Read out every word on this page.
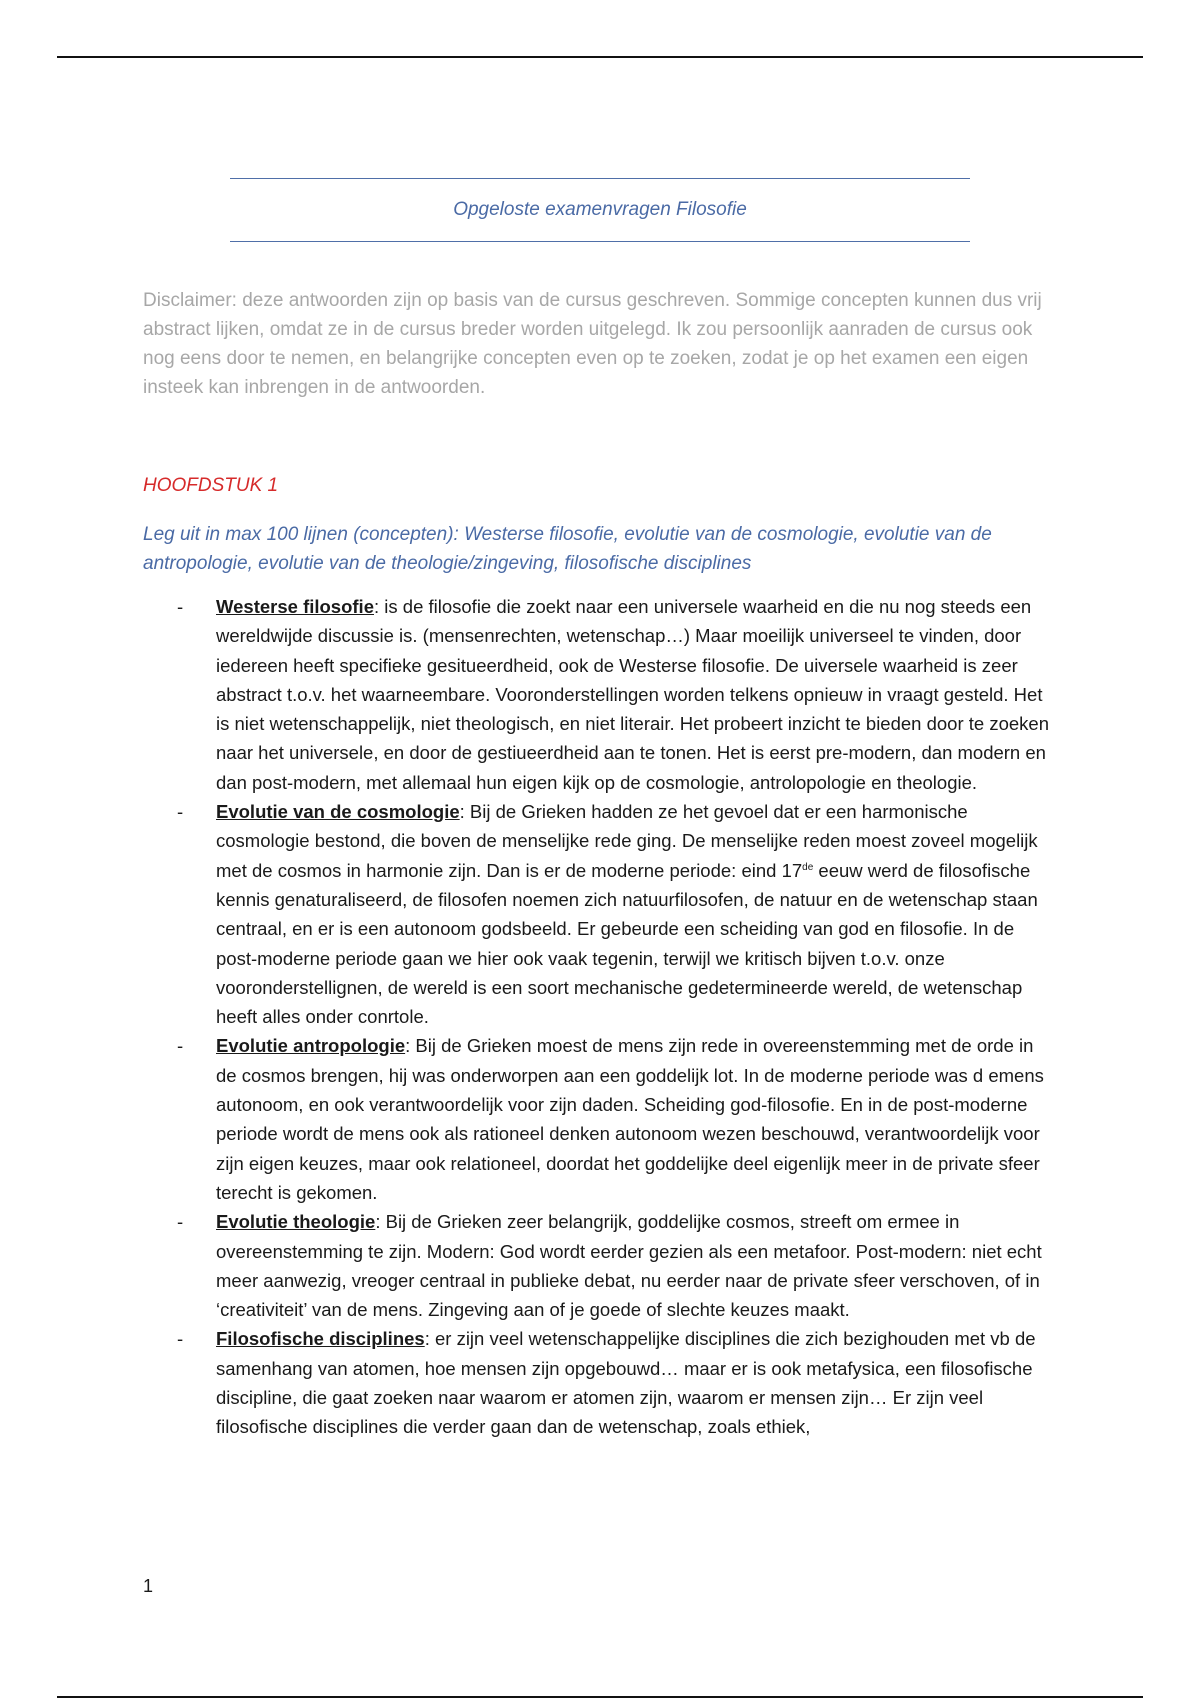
Opgeloste examenvragen Filosofie

Disclaimer: deze antwoorden zijn op basis van de cursus geschreven. Sommige concepten kunnen dus vrij abstract lijken, omdat ze in de cursus breder worden uitgelegd. Ik zou persoonlijk aanraden de cursus ook nog eens door te nemen, en belangrijke concepten even op te zoeken, zodat je op het examen een eigen insteek kan inbrengen in de antwoorden.

HOOFDSTUK 1

Leg uit in max 100 lijnen (concepten): Westerse filosofie, evolutie van de cosmologie, evolutie van de antropologie, evolutie van de theologie/zingeving, filosofische disciplines

- Westerse filosofie: is de filosofie die zoekt naar een universele waarheid en die nu nog steeds een wereldwijde discussie is. (mensenrechten, wetenschap…) Maar moeilijk universeel te vinden, door iedereen heeft specifieke gesitueerdheid, ook de Westerse filosofie. De uiversele waarheid is zeer abstract t.o.v. het waarneembare. Vooronderstellingen worden telkens opnieuw in vraagt gesteld. Het is niet wetenschappelijk, niet theologisch, en niet literair. Het probeert inzicht te bieden door te zoeken naar het universele, en door de gestiueerdheid aan te tonen. Het is eerst pre-modern, dan modern en dan post-modern, met allemaal hun eigen kijk op de cosmologie, antrolopologie en theologie.
- Evolutie van de cosmologie: Bij de Grieken hadden ze het gevoel dat er een harmonische cosmologie bestond, die boven de menselijke rede ging. De menselijke reden moest zoveel mogelijk met de cosmos in harmonie zijn. Dan is er de moderne periode: eind 17de eeuw werd de filosofische kennis genaturaliseerd, de filosofen noemen zich natuurfilosofen, de natuur en de wetenschap staan centraal, en er is een autonoom godsbeeld. Er gebeurde een scheiding van god en filosofie. In de post-moderne periode gaan we hier ook vaak tegenin, terwijl we kritisch bijven t.o.v. onze vooronderstellignen, de wereld is een soort mechanische gedetermineerde wereld, de wetenschap heeft alles onder conrtole.
- Evolutie antropologie: Bij de Grieken moest de mens zijn rede in overeenstemming met de orde in de cosmos brengen, hij was onderworpen aan een goddelijk lot. In de moderne periode was d emens autonoom, en ook verantwoordelijk voor zijn daden. Scheiding god-filosofie. En in de post-moderne periode wordt de mens ook als rationeel denken autonoom wezen beschouwd, verantwoordelijk voor zijn eigen keuzes, maar ook relationeel, doordat het goddelijke deel eigenlijk meer in de private sfeer terecht is gekomen.
- Evolutie theologie: Bij de Grieken zeer belangrijk, goddelijke cosmos, streeft om ermee in overeenstemming te zijn. Modern: God wordt eerder gezien als een metafoor. Post-modern: niet echt meer aanwezig, vreoger centraal in publieke debat, nu eerder naar de private sfeer verschoven, of in ‘creativiteit’ van de mens. Zingeving aan of je goede of slechte keuzes maakt.
- Filosofische disciplines: er zijn veel wetenschappelijke disciplines die zich bezighouden met vb de samenhang van atomen, hoe mensen zijn opgebouwd… maar er is ook metafysica, een filosofische discipline, die gaat zoeken naar waarom er atomen zijn, waarom er mensen zijn… Er zijn veel filosofische disciplines die verder gaan dan de wetenschap, zoals ethiek,
1
